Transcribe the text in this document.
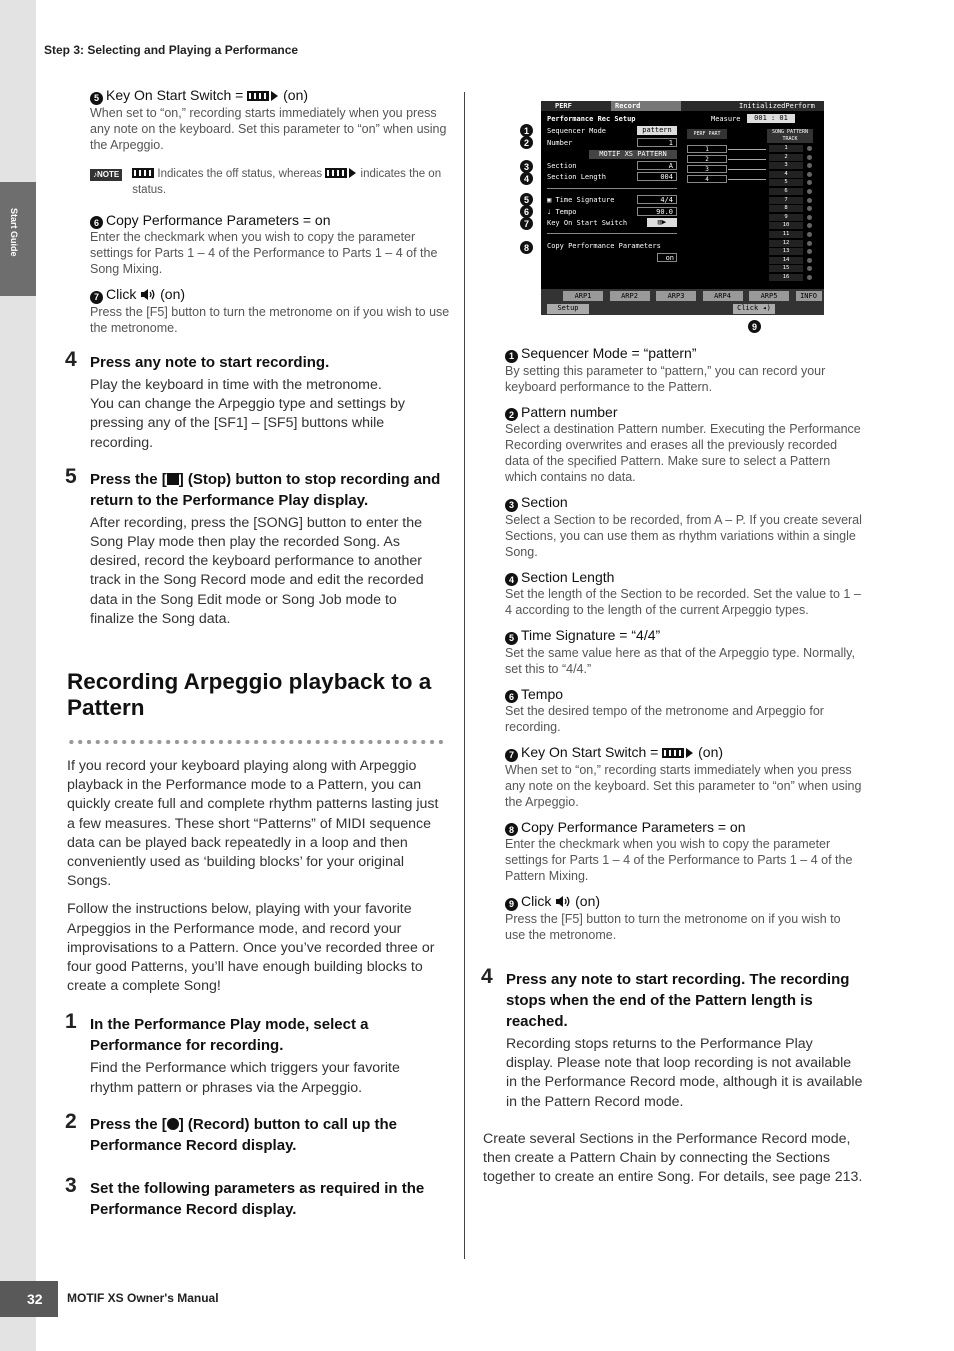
Start Guide
Step 3: Selecting and Playing a Performance

5 Key On Start Switch =  (on)

When set to “on,” recording starts immediately when you press any note on the keyboard. Set this parameter to “on” when using the Arpeggio.

♪NOTE	Indicates the off status, whereas	indicates the on status.

6 Copy Performance Parameters = on

Enter the checkmark when you wish to copy the parameter settings for Parts 1 – 4 of the Performance to Parts 1 – 4 of the Song Mixing.

7 Click  (on)

Press the [F5] button to turn the metronome on if you wish to use the metronome.

4 Press any note to start recording.

Play the keyboard in time with the metronome.
You can change the Arpeggio type and settings by pressing any of the [SF1] – [SF5] buttons while recording.

5 Press the [ ] (Stop) button to stop recording and return to the Performance Play display.

After recording, press the [SONG] button to enter the Song Play mode then play the recorded Song. As desired, record the keyboard performance to another track in the Song Record mode and edit the recorded data in the Song Edit mode or Song Job mode to finalize the Song data.

Recording Arpeggio playback to a Pattern

If you record your keyboard playing along with Arpeggio playback in the Performance mode to a Pattern, you can quickly create full and complete rhythm patterns lasting just a few measures. These short “Patterns” of MIDI sequence data can be played back repeatedly in a loop and then conveniently used as ‘building blocks’ for your original Songs.

Follow the instructions below, playing with your favorite Arpeggios in the Performance mode, and record your improvisations to a Pattern. Once you’ve recorded three or four good Patterns, you’ll have enough building blocks to create a complete Song!

1 In the Performance Play mode, select a Performance for recording.

Find the Performance which triggers your favorite rhythm pattern or phrases via the Arpeggio.

2 Press the [ ] (Record) button to call up the Performance Record display.

3 Set the following parameters as required in the Performance Record display.

PERF	Record	InitializedPerform
Performance Rec Setup	Measure	001 : 01
Sequencer Mode	pattern
Number	1
MOTIF XS PATTERN
Section	A
Section Length	004
▣ Time Signature	4/4
♩ Tempo	90.0
Key On Start Switch	▥▶
Copy Performance Parameters
on
PERF PART	SONG PATTERN TRACK
1
2
3
4
1
2
3
4
5
6
7
8
9
10
11
12
13
14
15
16
ARP1	ARP2	ARP3	ARP4	ARP5	INFO
Setup	Click ◂)
1
2
3
4
5
6
7
8
9

1 Sequencer Mode = “pattern”

By setting this parameter to “pattern,” you can record your keyboard performance to the Pattern.

2 Pattern number

Select a destination Pattern number. Executing the Performance Recording overwrites and erases all the previously recorded data of the specified Pattern. Make sure to select a Pattern which contains no data.

3 Section

Select a Section to be recorded, from A – P. If you create several Sections, you can use them as rhythm variations within a single Song.

4 Section Length

Set the length of the Section to be recorded. Set the value to 1 – 4 according to the length of the current Arpeggio types.

5 Time Signature = “4/4”

Set the same value here as that of the Arpeggio type. Normally, set this to “4/4.”

6 Tempo

Set the desired tempo of the metronome and Arpeggio for recording.

7 Key On Start Switch =  (on)

When set to “on,” recording starts immediately when you press any note on the keyboard. Set this parameter to “on” when using the Arpeggio.

8 Copy Performance Parameters = on

Enter the checkmark when you wish to copy the parameter settings for Parts 1 – 4 of the Performance to Parts 1 – 4 of the Pattern Mixing.

9 Click  (on)

Press the [F5] button to turn the metronome on if you wish to use the metronome.

4 Press any note to start recording. The recording stops when the end of the Pattern length is reached.

Recording stops returns to the Performance Play display. Please note that loop recording is not available in the Performance Record mode, although it is available in the Pattern Record mode.

Create several Sections in the Performance Record mode, then create a Pattern Chain by connecting the Sections together to create an entire Song. For details, see page 213.

32	MOTIF XS Owner's Manual
